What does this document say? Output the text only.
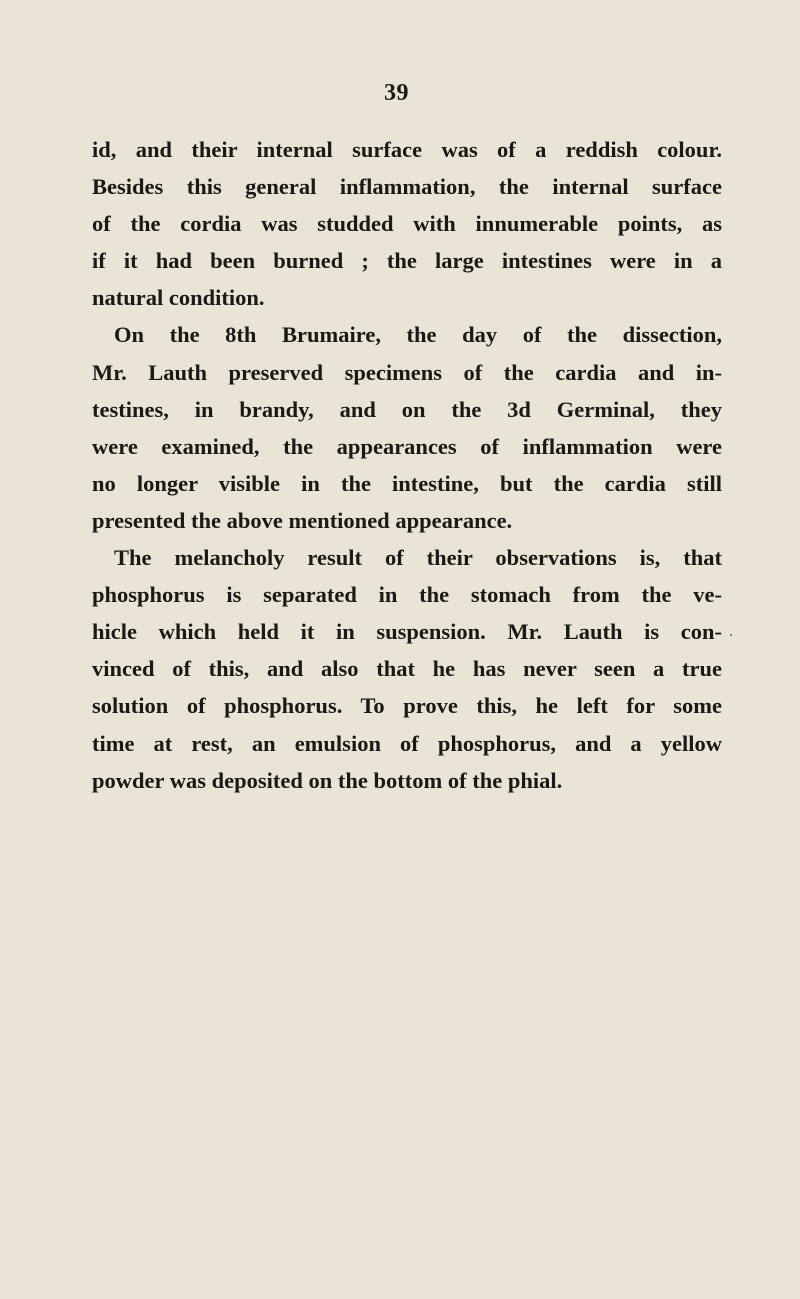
39
id, and their internal surface was of a reddish colour.
Besides this general inflammation, the internal surface
of the cordia was studded with innumerable points, as
if it had been burned ; the large intestines were in a
natural condition.
On the 8th Brumaire, the day of the dissection,
Mr. Lauth preserved specimens of the cardia and in-
testines, in brandy, and on the 3d Germinal, they
were examined, the appearances of inflammation were
no longer visible in the intestine, but the cardia still
presented the above mentioned appearance.
The melancholy result of their observations is, that
phosphorus is separated in the stomach from the ve-
hicle which held it in suspension. Mr. Lauth is con-
vinced of this, and also that he has never seen a true
solution of phosphorus. To prove this, he left for some
time at rest, an emulsion of phosphorus, and a yellow
powder was deposited on the bottom of the phial.
